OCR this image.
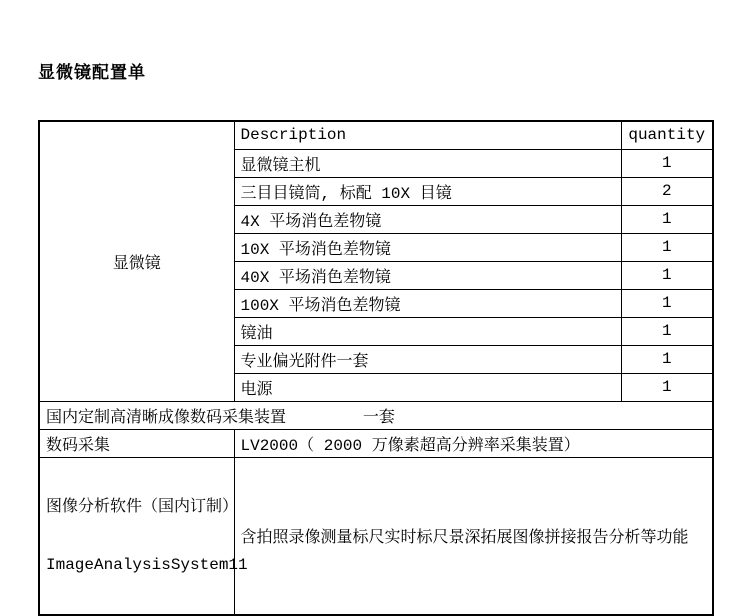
显微镜配置单
显微镜	Description	quantity
	显微镜主机	1
	三目目镜筒, 标配 10X 目镜	2
	4X 平场消色差物镜	1
	10X 平场消色差物镜	1
	40X 平场消色差物镜	1
	100X 平场消色差物镜	1
	镜油	1
	专业偏光附件一套	1
	电源	1
国内定制高清晰成像数码采集装置        一套		
数码采集	LV2000（ 2000 万像素超高分辨率采集装置）	

图像分析软件（国内订制）

ImageAnalysisSystem11	含拍照录像测量标尺实时标尺景深拓展图像拼接报告分析等功能	
